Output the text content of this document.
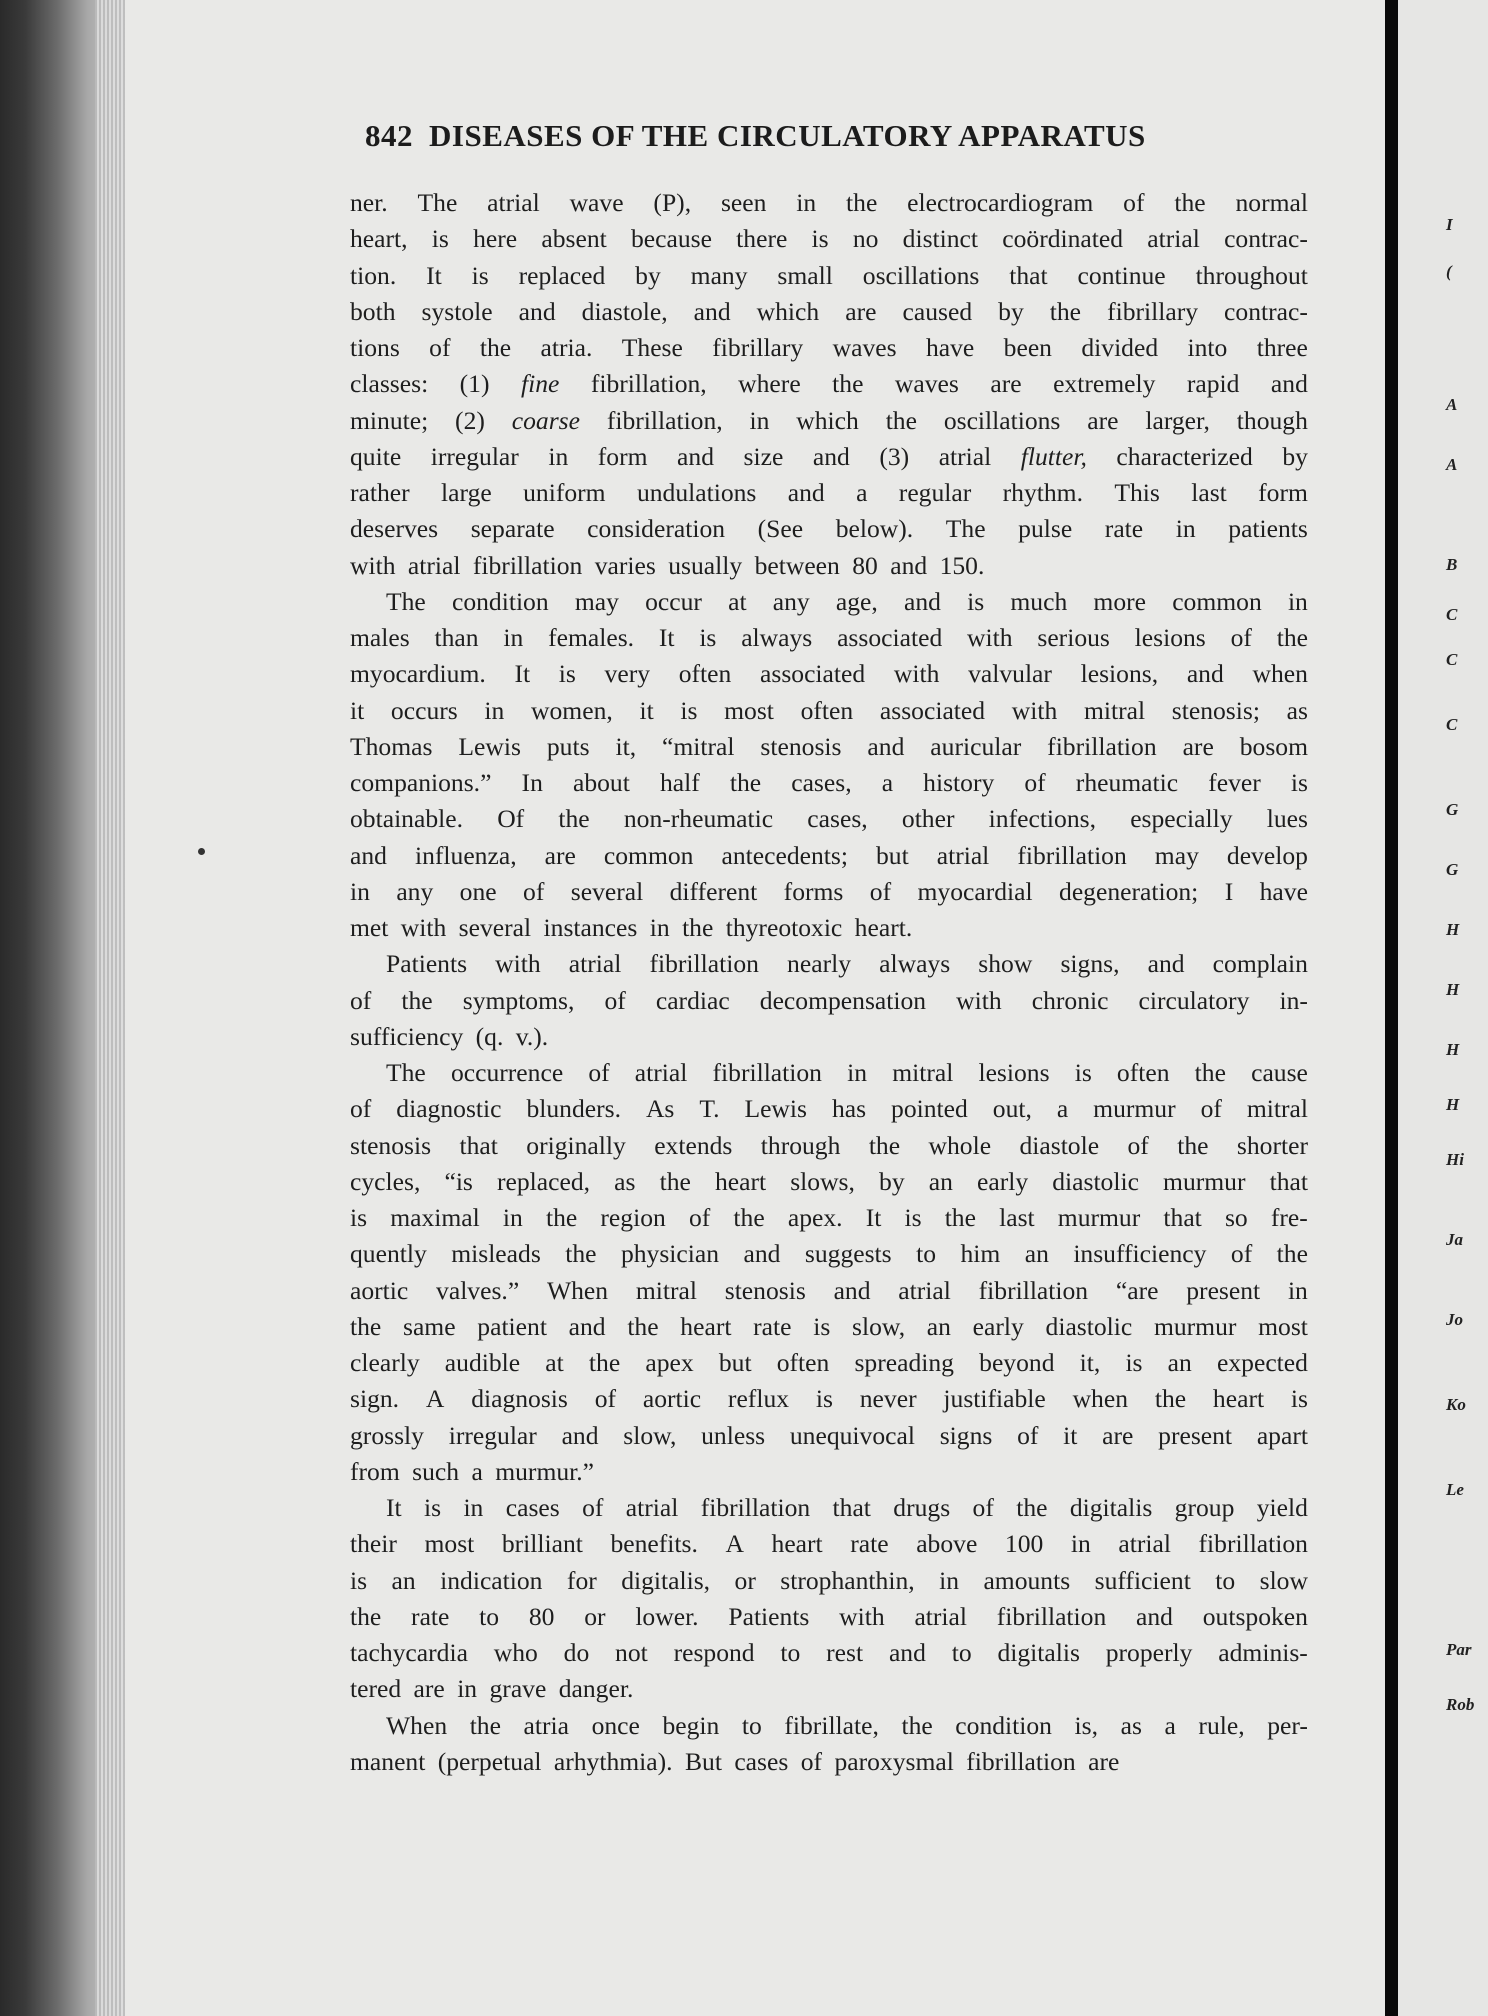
842 DISEASES OF THE CIRCULATORY APPARATUS
ner. The atrial wave (P), seen in the electrocardiogram of the normal
heart, is here absent because there is no distinct coördinated atrial contrac-
tion. It is replaced by many small oscillations that continue throughout
both systole and diastole, and which are caused by the fibrillary contrac-
tions of the atria. These fibrillary waves have been divided into three
classes: (1) fine fibrillation, where the waves are extremely rapid and
minute; (2) coarse fibrillation, in which the oscillations are larger, though
quite irregular in form and size and (3) atrial flutter, characterized by
rather large uniform undulations and a regular rhythm. This last form
deserves separate consideration (See below). The pulse rate in patients
with atrial fibrillation varies usually between 80 and 150.
The condition may occur at any age, and is much more common in
males than in females. It is always associated with serious lesions of the
myocardium. It is very often associated with valvular lesions, and when
it occurs in women, it is most often associated with mitral stenosis; as
Thomas Lewis puts it, “mitral stenosis and auricular fibrillation are bosom
companions.” In about half the cases, a history of rheumatic fever is
obtainable. Of the non-rheumatic cases, other infections, especially lues
and influenza, are common antecedents; but atrial fibrillation may develop
in any one of several different forms of myocardial degeneration; I have
met with several instances in the thyreotoxic heart.
Patients with atrial fibrillation nearly always show signs, and complain
of the symptoms, of cardiac decompensation with chronic circulatory in-
sufficiency (q. v.).
The occurrence of atrial fibrillation in mitral lesions is often the cause
of diagnostic blunders. As T. Lewis has pointed out, a murmur of mitral
stenosis that originally extends through the whole diastole of the shorter
cycles, “is replaced, as the heart slows, by an early diastolic murmur that
is maximal in the region of the apex. It is the last murmur that so fre-
quently misleads the physician and suggests to him an insufficiency of the
aortic valves.” When mitral stenosis and atrial fibrillation “are present in
the same patient and the heart rate is slow, an early diastolic murmur most
clearly audible at the apex but often spreading beyond it, is an expected
sign. A diagnosis of aortic reflux is never justifiable when the heart is
grossly irregular and slow, unless unequivocal signs of it are present apart
from such a murmur.”
It is in cases of atrial fibrillation that drugs of the digitalis group yield
their most brilliant benefits. A heart rate above 100 in atrial fibrillation
is an indication for digitalis, or strophanthin, in amounts sufficient to slow
the rate to 80 or lower. Patients with atrial fibrillation and outspoken
tachycardia who do not respond to rest and to digitalis properly adminis-
tered are in grave danger.
When the atria once begin to fibrillate, the condition is, as a rule, per-
manent (perpetual arhythmia). But cases of paroxysmal fibrillation are
I
(
A
A
B
C
C
C
G
G
H
H
H
H
Hi
Ja
Jo
Ko
Le
Par
Rob
